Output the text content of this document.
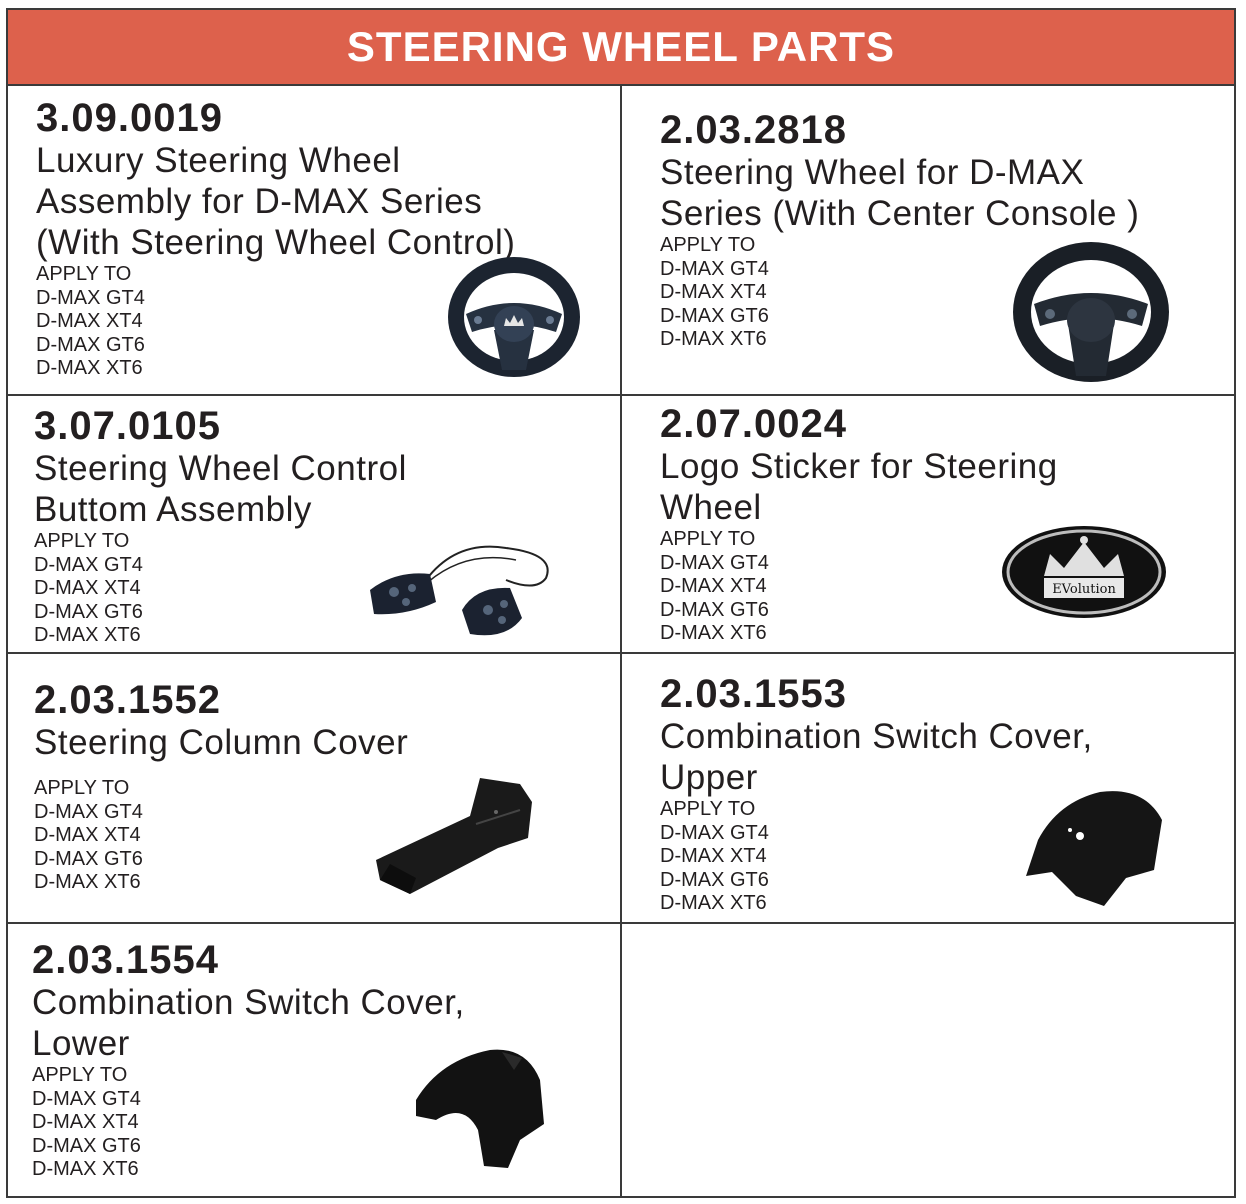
STEERING WHEEL PARTS
3.09.0019
Luxury Steering Wheel
Assembly for D-MAX Series
(With Steering Wheel Control)
APPLY TO
D-MAX GT4
D-MAX XT4
D-MAX GT6
D-MAX XT6
2.03.2818
Steering Wheel for D-MAX
Series (With Center Console )
APPLY TO
D-MAX GT4
D-MAX XT4
D-MAX GT6
D-MAX XT6
3.07.0105
Steering Wheel Control
Buttom Assembly
APPLY TO
D-MAX GT4
D-MAX XT4
D-MAX GT6
D-MAX XT6
2.07.0024
Logo Sticker for Steering
Wheel
APPLY TO
D-MAX GT4
D-MAX XT4
D-MAX GT6
D-MAX XT6
EVolution
2.03.1552
Steering Column Cover
APPLY TO
D-MAX GT4
D-MAX XT4
D-MAX GT6
D-MAX XT6
2.03.1553
Combination Switch Cover,
Upper
APPLY TO
D-MAX GT4
D-MAX XT4
D-MAX GT6
D-MAX XT6
2.03.1554
Combination Switch Cover,
Lower
APPLY TO
D-MAX GT4
D-MAX XT4
D-MAX GT6
D-MAX XT6
